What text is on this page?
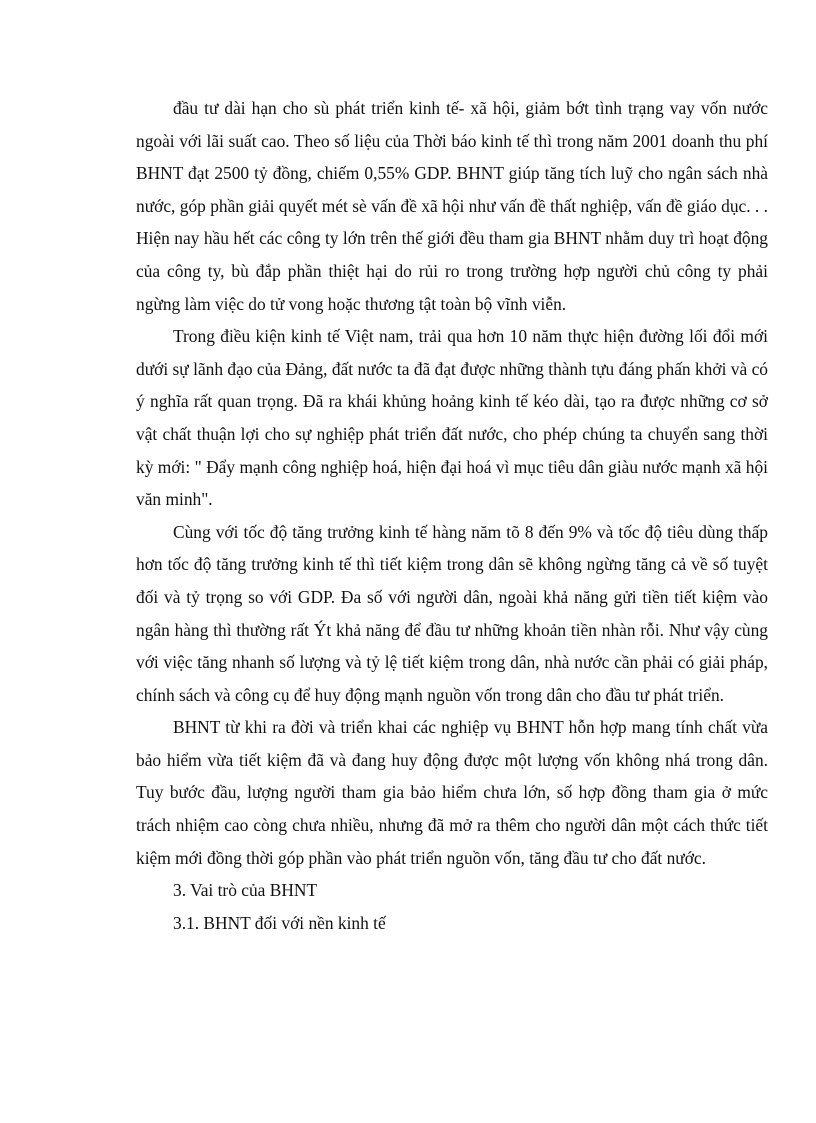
đầu tư dài hạn cho sù phát triển kinh tế- xã hội, giảm bớt tình trạng vay vốn nước ngoài với lãi suất cao. Theo số liệu của Thời báo kinh tế thì trong năm 2001 doanh thu phí BHNT đạt 2500 tỷ đồng, chiếm 0,55% GDP. BHNT giúp tăng tích luỹ cho ngân sách nhà nước, góp phần giải quyết mét sè vấn đề xã hội như vấn đề thất nghiệp, vấn đề giáo dục. . . Hiện nay hầu hết các công ty lớn trên thế giới đều tham gia BHNT nhằm duy trì hoạt động của công ty, bù đắp phần thiệt hại do rủi ro trong trường hợp người chủ công ty phải ngừng làm việc do tử vong hoặc thương tật toàn bộ vĩnh viễn.

Trong điều kiện kinh tế Việt nam, trải qua hơn 10 năm thực hiện đường lối đổi mới dưới sự lãnh đạo của Đảng, đất nước ta đã đạt được những thành tựu đáng phấn khởi và có ý nghĩa rất quan trọng. Đã ra khái khủng hoảng kinh tế kéo dài, tạo ra được những cơ sở vật chất thuận lợi cho sự nghiệp phát triển đất nước, cho phép chúng ta chuyển sang thời kỳ mới: " Đẩy mạnh công nghiệp hoá, hiện đại hoá vì mục tiêu dân giàu nước mạnh xã hội văn minh".

Cùng với tốc độ tăng trưởng kinh tế hàng năm tõ 8 đến 9% và tốc độ tiêu dùng thấp hơn tốc độ tăng trưởng kinh tế thì tiết kiệm trong dân sẽ không ngừng tăng cả về số tuyệt đối và tỷ trọng so với GDP. Đa số với người dân, ngoài khả năng gửi tiền tiết kiệm vào ngân hàng thì thường rất Ýt khả năng để đầu tư những khoản tiền nhàn rỗi. Như vậy cùng với việc tăng nhanh số lượng và tỷ lệ tiết kiệm trong dân, nhà nước cần phải có giải pháp, chính sách và công cụ để huy động mạnh nguồn vốn trong dân cho đầu tư phát triển.

BHNT từ khi ra đời và triển khai các nghiệp vụ BHNT hỗn hợp mang tính chất vừa bảo hiểm vừa tiết kiệm đã và đang huy động được một lượng vốn không nhá trong dân. Tuy bước đầu, lượng người tham gia bảo hiểm chưa lớn, số hợp đồng tham gia ở mức trách nhiệm cao còng chưa nhiều, nhưng đã mở ra thêm cho người dân một cách thức tiết kiệm mới đồng thời góp phần vào phát triển nguồn vốn, tăng đầu tư cho đất nước.

3. Vai trò của BHNT

3.1. BHNT đối với nền kinh tế
